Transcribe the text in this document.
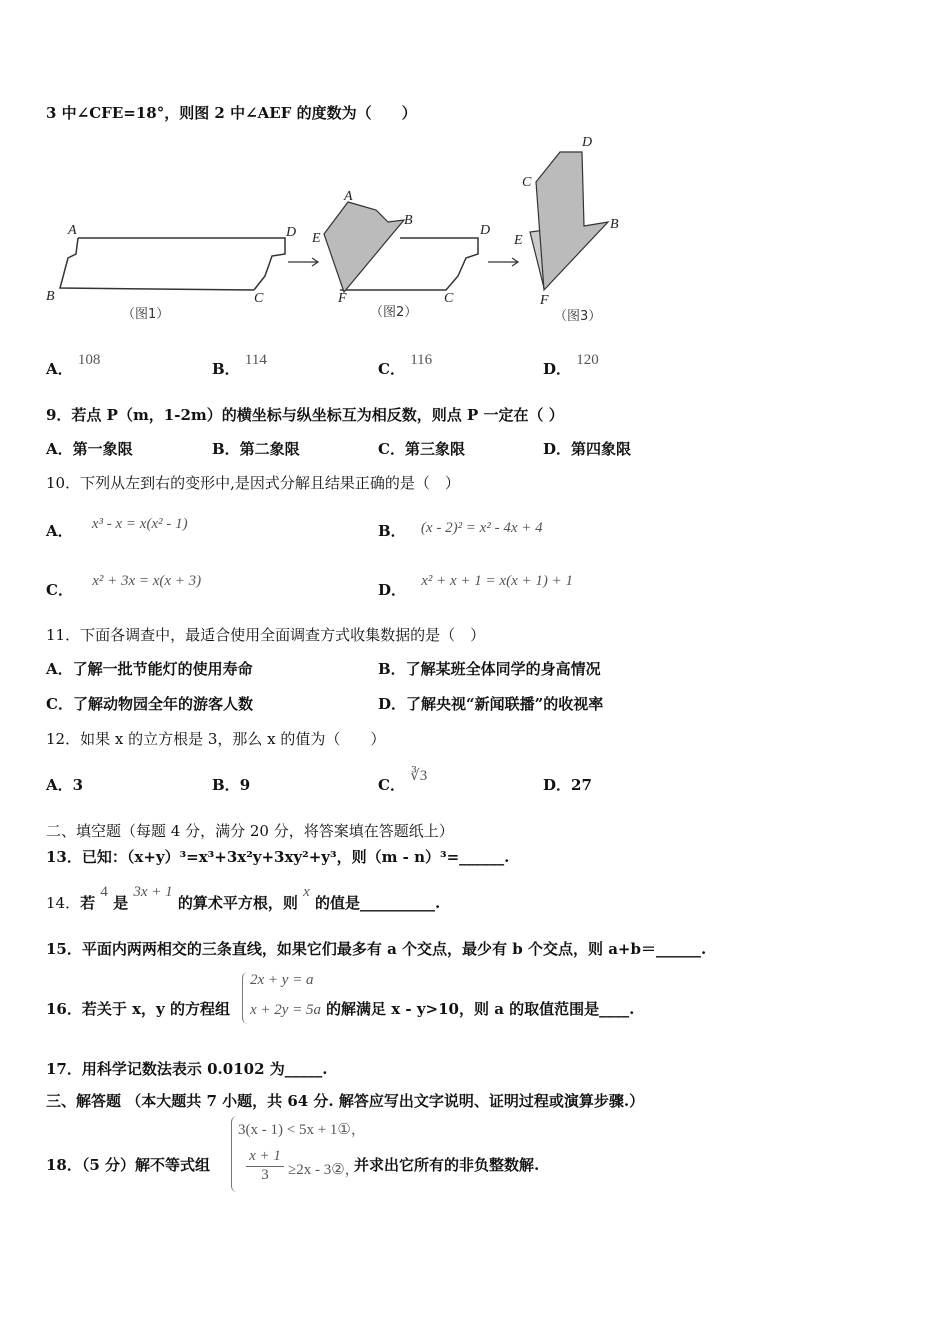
3 中∠CFE=18°，则图 2 中∠AEF 的度数为（　　）
A	D
B	C
（图1）
A
B
E
D
F	C
（图2）
D
C
B
E
F
（图3）
A． 108	B． 114	C． 116	D． 120
9．若点 P（m，1-2m）的横坐标与纵坐标互为相反数，则点 P 一定在（ ）
A．第一象限	B．第二象限	C．第三象限	D．第四象限
10．下列从左到右的变形中,是因式分解且结果正确的是（　）
A． x³ - x = x(x² - 1)	B． (x - 2)² = x² - 4x + 4
C． x² + 3x = x(x + 3)	D． x² + x + 1 = x(x + 1) + 1
11．下面各调查中，最适合使用全面调查方式收集数据的是（　）
A．了解一批节能灯的使用寿命	B．了解某班全体同学的身高情况
C．了解动物园全年的游客人数	D．了解央视“新闻联播”的收视率
12．如果 x 的立方根是 3，那么 x 的值为（　　）
A．3	B．9	C． ∛3	D．27
二、填空题（每题 4 分，满分 20 分，将答案填在答题纸上）
13．已知：（x+y）³=x³+3x²y+3xy²+y³，则（m - n）³=______.
14．若 4 是 3x + 1 的算术平方根，则 x 的值是__________.
15．平面内两两相交的三条直线，如果它们最多有 a 个交点，最少有 b 个交点，则 a+b＝______.
16．若关于 x，y 的方程组	的解满足 x - y>10，则 a 的取值范围是____.
2x + y = a
x + 2y = 5a
17．用科学记数法表示 0.0102 为_____.
三、解答题 （本大题共 7 小题，共 64 分. 解答应写出文字说明、证明过程或演算步骤.）
18．（5 分）解不等式组	并求出它所有的非负整数解.
3(x - 1) < 5x + 1①，
$\frac{x + 1}{3} \ge 2x$ - 3②，
